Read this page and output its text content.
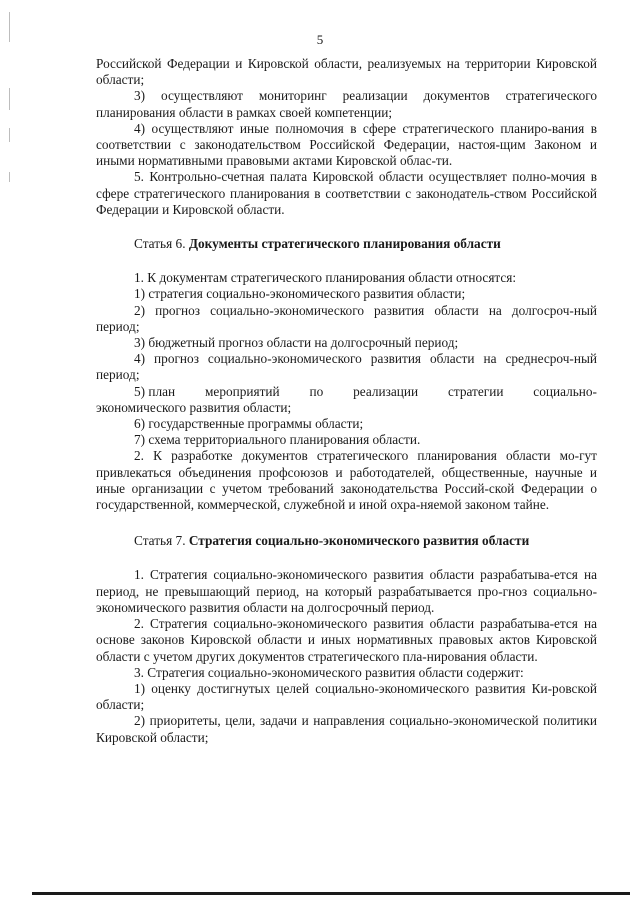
5

Российской Федерации и Кировской области, реализуемых на территории Кировской области;

3) осуществляют мониторинг реализации документов стратегического планирования области в рамках своей компетенции;

4) осуществляют иные полномочия в сфере стратегического планиро-вания в соответствии с законодательством Российской Федерации, настоя-щим Законом и иными нормативными правовыми актами Кировской облас-ти.

5. Контрольно-счетная палата Кировской области осуществляет полно-мочия в сфере стратегического планирования в соответствии с законодатель-ством Российской Федерации и Кировской области.

Статья 6. Документы стратегического планирования области

1. К документам стратегического планирования области относятся:

1) стратегия социально-экономического развития области;

2) прогноз социально-экономического развития области на долгосроч-ный период;

3) бюджетный прогноз области на долгосрочный период;

4) прогноз социально-экономического развития области на среднесроч-ный период;

5) план мероприятий по реализации стратегии социально-

экономического развития области;

6) государственные программы области;

7) схема территориального планирования области.

2. К разработке документов стратегического планирования области мо-гут привлекаться объединения профсоюзов и работодателей, общественные, научные и иные организации с учетом требований законодательства Россий-ской Федерации о государственной, коммерческой, служебной и иной охра-няемой законом тайне.

Статья 7. Стратегия социально-экономического развития области

1. Стратегия социально-экономического развития области разрабатыва-ется на период, не превышающий период, на который разрабатывается про-гноз социально-экономического развития области на долгосрочный период.

2. Стратегия социально-экономического развития области разрабатыва-ется на основе законов Кировской области и иных нормативных правовых актов Кировской области с учетом других документов стратегического пла-нирования области.

3. Стратегия социально-экономического развития области содержит:

1) оценку достигнутых целей социально-экономического развития Ки-ровской области;

2) приоритеты, цели, задачи и направления социально-экономической политики Кировской области;
